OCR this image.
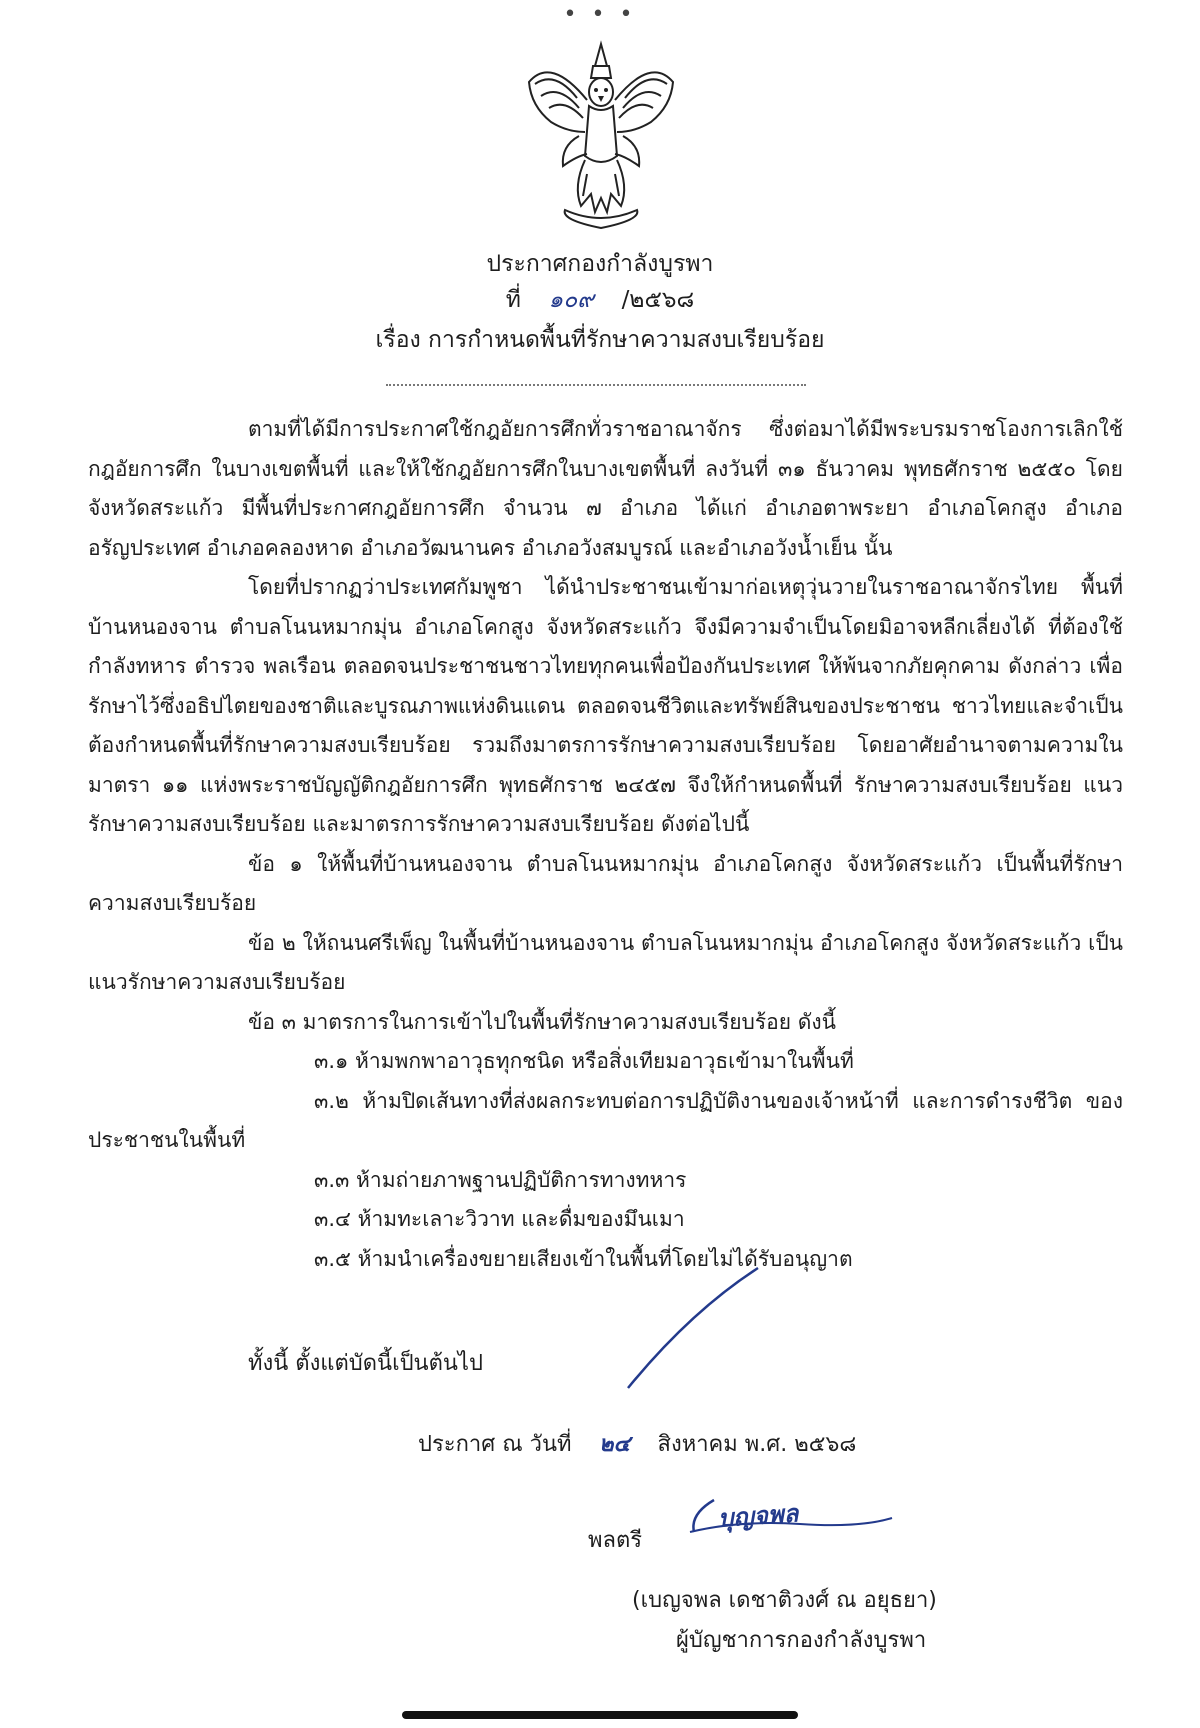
• • •
ประกาศกองกำลังบูรพา
ที่ ๑๐๙ /๒๕๖๘
เรื่อง การกำหนดพื้นที่รักษาความสงบเรียบร้อย

ตามที่ได้มีการประกาศใช้กฎอัยการศึกทั่วราชอาณาจักร ซึ่งต่อมาได้มีพระบรมราชโองการเลิกใช้กฎอัยการศึก ในบางเขตพื้นที่ และให้ใช้กฎอัยการศึกในบางเขตพื้นที่ ลงวันที่ ๓๑ ธันวาคม พุทธศักราช ๒๕๕๐ โดยจังหวัดสระแก้ว มีพื้นที่ประกาศกฎอัยการศึก จำนวน ๗ อำเภอ ได้แก่ อำเภอตาพระยา อำเภอโคกสูง อำเภออรัญประเทศ อำเภอคลองหาด อำเภอวัฒนานคร อำเภอวังสมบูรณ์ และอำเภอวังน้ำเย็น นั้น

โดยที่ปรากฏว่าประเทศกัมพูชา ได้นำประชาชนเข้ามาก่อเหตุวุ่นวายในราชอาณาจักรไทย พื้นที่บ้านหนองจาน ตำบลโนนหมากมุ่น อำเภอโคกสูง จังหวัดสระแก้ว จึงมีความจำเป็นโดยมิอาจหลีกเลี่ยงได้ ที่ต้องใช้กำลังทหาร ตำรวจ พลเรือน ตลอดจนประชาชนชาวไทยทุกคนเพื่อป้องกันประเทศ ให้พ้นจากภัยคุกคาม ดังกล่าว เพื่อรักษาไว้ซึ่งอธิปไตยของชาติและบูรณภาพแห่งดินแดน ตลอดจนชีวิตและทรัพย์สินของประชาชน ชาวไทยและจำเป็นต้องกำหนดพื้นที่รักษาความสงบเรียบร้อย รวมถึงมาตรการรักษาความสงบเรียบร้อย โดยอาศัยอำนาจตามความในมาตรา ๑๑ แห่งพระราชบัญญัติกฎอัยการศึก พุทธศักราช ๒๔๕๗ จึงให้กำหนดพื้นที่ รักษาความสงบเรียบร้อย แนวรักษาความสงบเรียบร้อย และมาตรการรักษาความสงบเรียบร้อย ดังต่อไปนี้

ข้อ ๑ ให้พื้นที่บ้านหนองจาน ตำบลโนนหมากมุ่น อำเภอโคกสูง จังหวัดสระแก้ว เป็นพื้นที่รักษา ความสงบเรียบร้อย

ข้อ ๒ ให้ถนนศรีเพ็ญ ในพื้นที่บ้านหนองจาน ตำบลโนนหมากมุ่น อำเภอโคกสูง จังหวัดสระแก้ว เป็นแนวรักษาความสงบเรียบร้อย

ข้อ ๓ มาตรการในการเข้าไปในพื้นที่รักษาความสงบเรียบร้อย ดังนี้

๓.๑ ห้ามพกพาอาวุธทุกชนิด หรือสิ่งเทียมอาวุธเข้ามาในพื้นที่

๓.๒ ห้ามปิดเส้นทางที่ส่งผลกระทบต่อการปฏิบัติงานของเจ้าหน้าที่ และการดำรงชีวิต ของประชาชนในพื้นที่

๓.๓ ห้ามถ่ายภาพฐานปฏิบัติการทางทหาร

๓.๔ ห้ามทะเลาะวิวาท และดื่มของมึนเมา

๓.๕ ห้ามนำเครื่องขยายเสียงเข้าในพื้นที่โดยไม่ได้รับอนุญาต

ทั้งนี้ ตั้งแต่บัดนี้เป็นต้นไป
ประกาศ ณ วันที่ ๒๔ สิงหาคม พ.ศ. ๒๕๖๘
บุญจพล
พลตรี
(เบญจพล เดชาติวงศ์ ณ อยุธยา)
ผู้บัญชาการกองกำลังบูรพา
